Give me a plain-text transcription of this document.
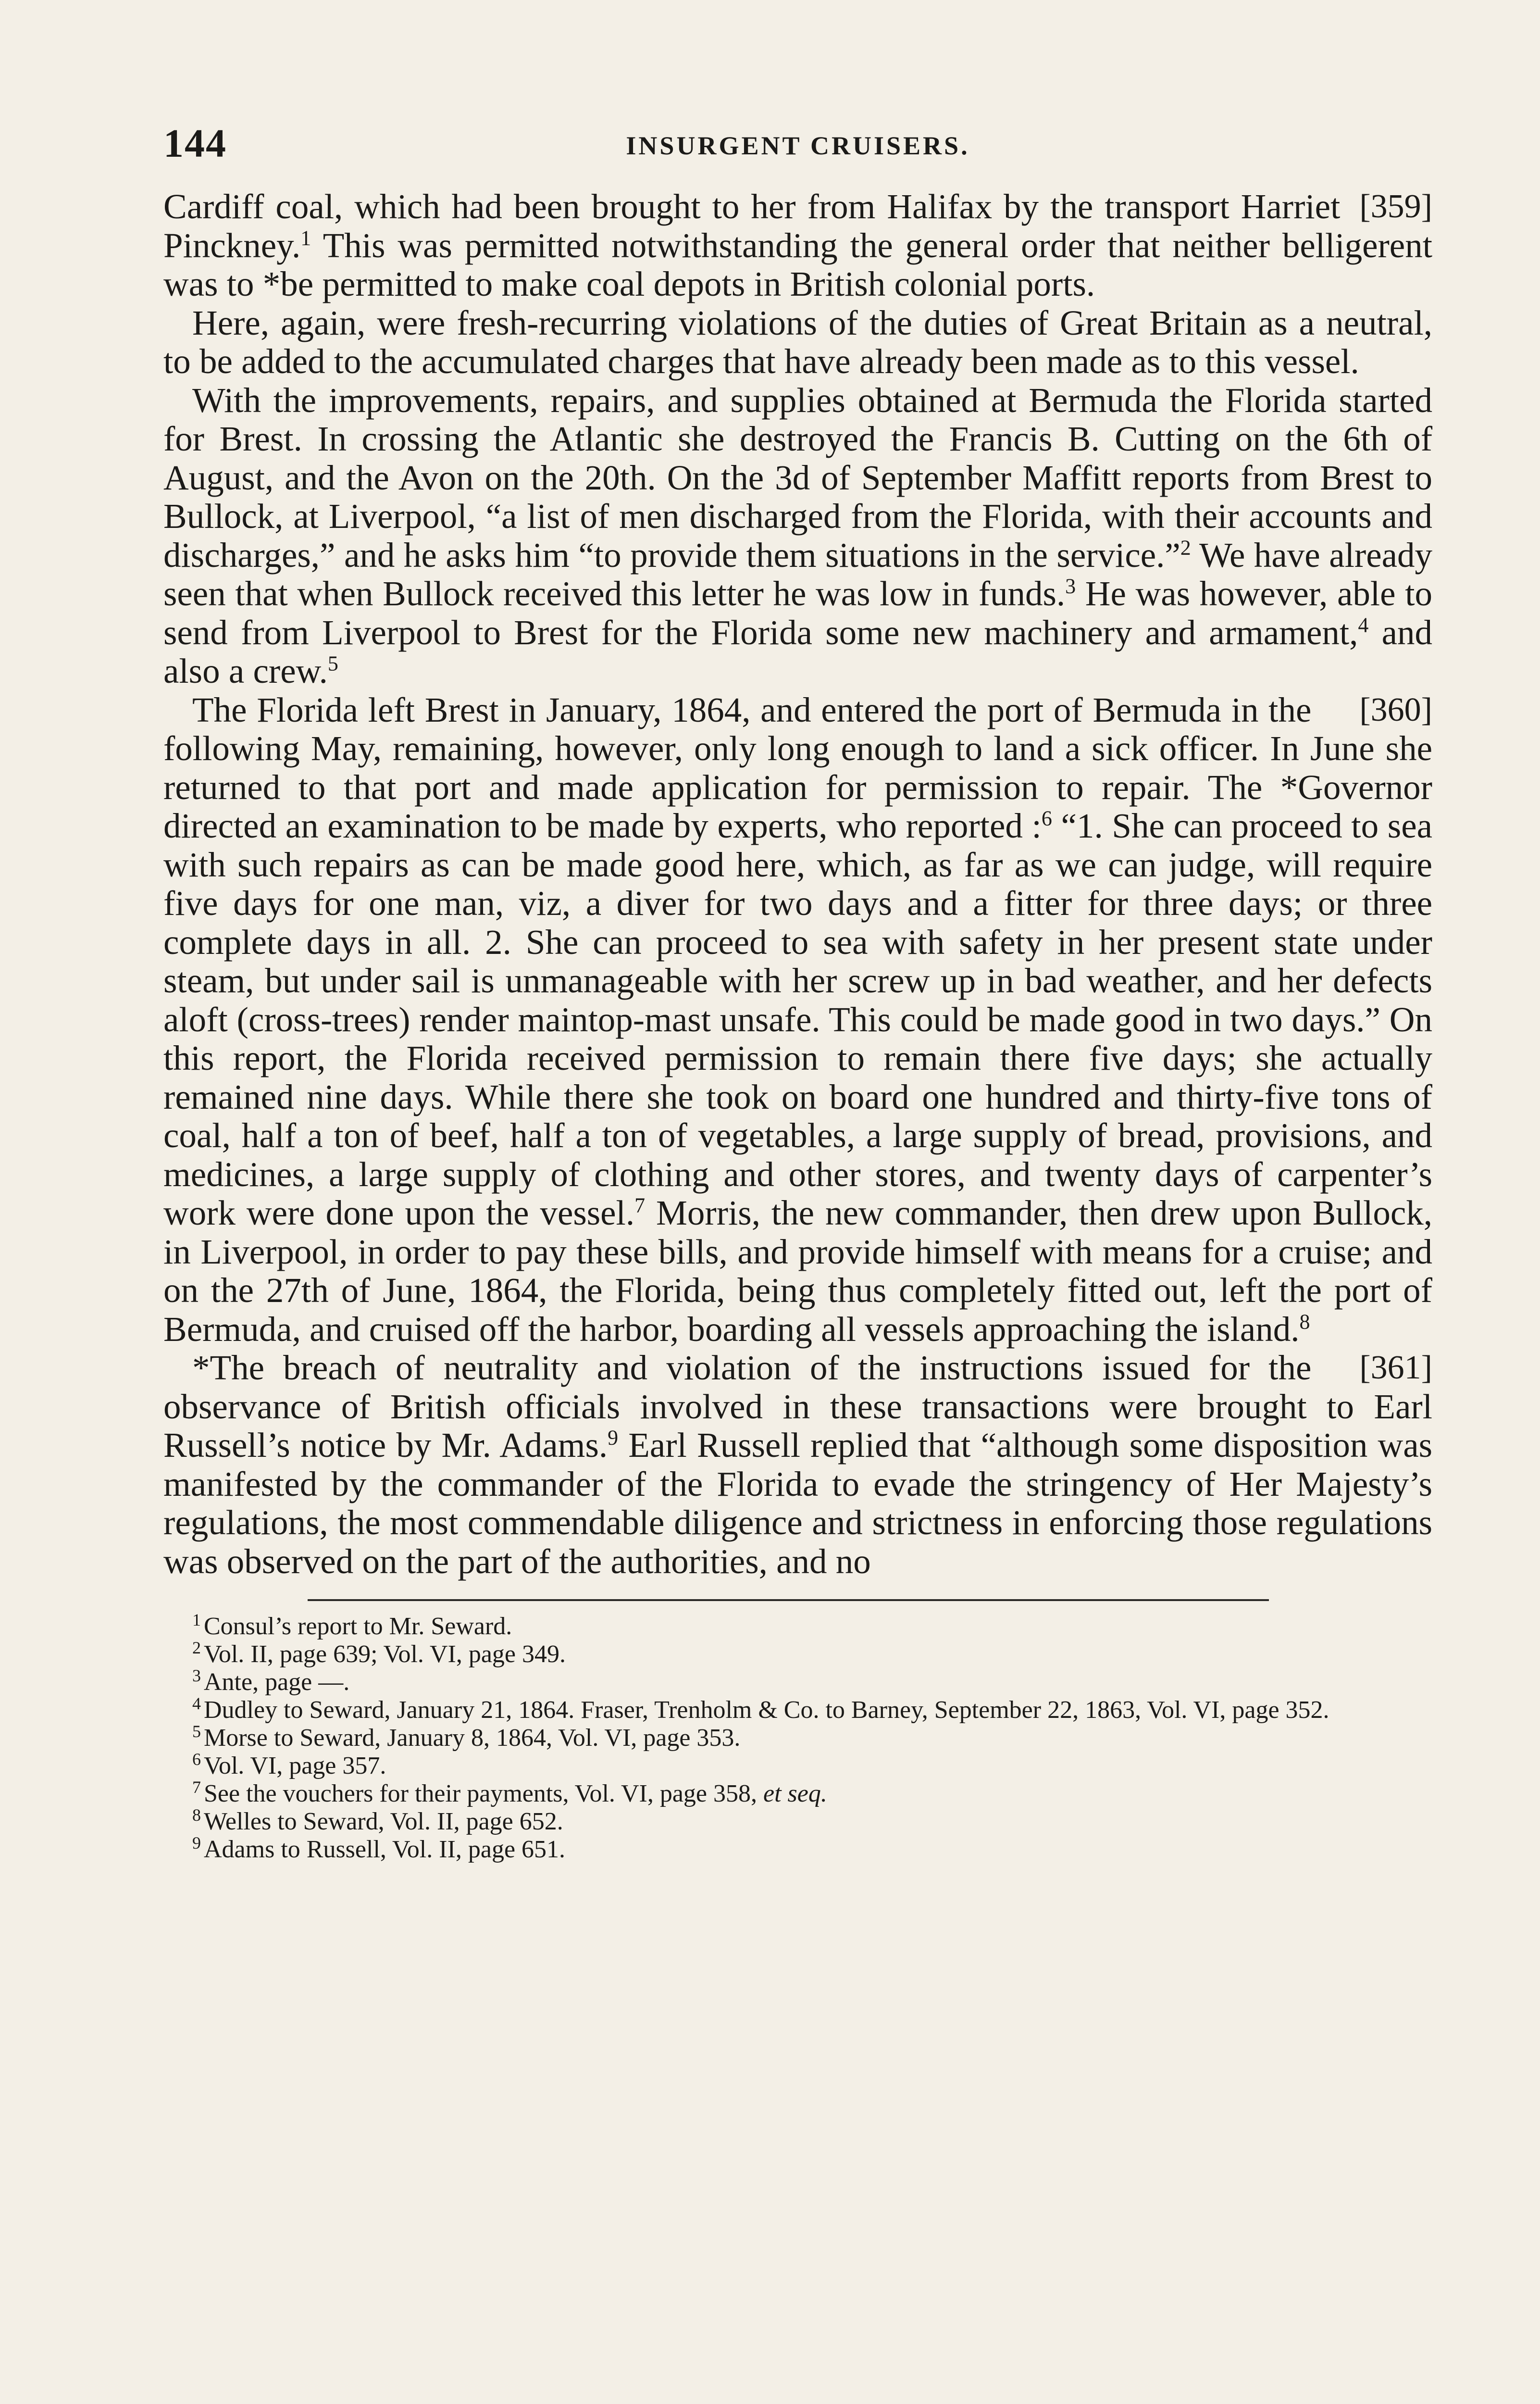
144	INSURGENT CRUISERS.

[359]
Cardiff coal, which had been brought to her from Halifax by the transport Harriet Pinckney.$^1$ This was permitted notwithstanding the general order that neither belligerent was to *be permitted to make coal depots in British colonial ports.

Here, again, were fresh-recurring violations of the duties of Great Britain as a neutral, to be added to the accumulated charges that have already been made as to this vessel.

With the improvements, repairs, and supplies obtained at Bermuda the Florida started for Brest. In crossing the Atlantic she destroyed the Francis B. Cutting on the 6th of August, and the Avon on the 20th. On the 3d of September Maffitt reports from Brest to Bullock, at Liverpool, “a list of men discharged from the Florida, with their accounts and discharges,” and he asks him “to provide them situations in the service.”$^2$ We have already seen that when Bullock received this letter he was low in funds.$^3$ He was however, able to send from Liverpool to Brest for the Florida some new machinery and armament,$^4$ and also a crew.$^5$

[360]
The Florida left Brest in January, 1864, and entered the port of Bermuda in the following May, remaining, however, only long enough to land a sick officer. In June she returned to that port and made application for permission to repair. The *Governor directed an examination to be made by experts, who reported :$^6$ “1. She can proceed to sea with such repairs as can be made good here, which, as far as we can judge, will require five days for one man, viz, a diver for two days and a fitter for three days; or three complete days in all. 2. She can proceed to sea with safety in her present state under steam, but under sail is unmanageable with her screw up in bad weather, and her defects aloft (cross-trees) render maintop-mast unsafe. This could be made good in two days.” On this report, the Florida received permission to remain there five days; she actually remained nine days. While there she took on board one hundred and thirty-five tons of coal, half a ton of beef, half a ton of vegetables, a large supply of bread, provisions, and medicines, a large supply of clothing and other stores, and twenty days of carpenter’s work were done upon the vessel.$^7$ Morris, the new commander, then drew upon Bullock, in Liverpool, in order to pay these bills, and provide himself with means for a cruise; and on the 27th of June, 1864, the Florida, being thus completely fitted out, left the port of Bermuda, and cruised off the harbor, boarding all vessels approaching the island.$^8$

[361]
*The breach of neutrality and violation of the instructions issued for the observance of British officials involved in these transactions were brought to Earl Russell’s notice by Mr. Adams.$^9$ Earl Russell replied that “although some disposition was manifested by the commander of the Florida to evade the stringency of Her Majesty’s regulations, the most commendable diligence and strictness in enforcing those regulations was observed on the part of the authorities, and no

$^1$ Consul’s report to Mr. Seward.

$^2$ Vol. II, page 639; Vol. VI, page 349.

$^3$ Ante, page —.

$^4$ Dudley to Seward, January 21, 1864. Fraser, Trenholm & Co. to Barney, September 22, 1863, Vol. VI, page 352.

$^5$ Morse to Seward, January 8, 1864, Vol. VI, page 353.

$^6$ Vol. VI, page 357.

$^7$ See the vouchers for their payments, Vol. VI, page 358, et seq.

$^8$ Welles to Seward, Vol. II, page 652.

$^9$ Adams to Russell, Vol. II, page 651.
